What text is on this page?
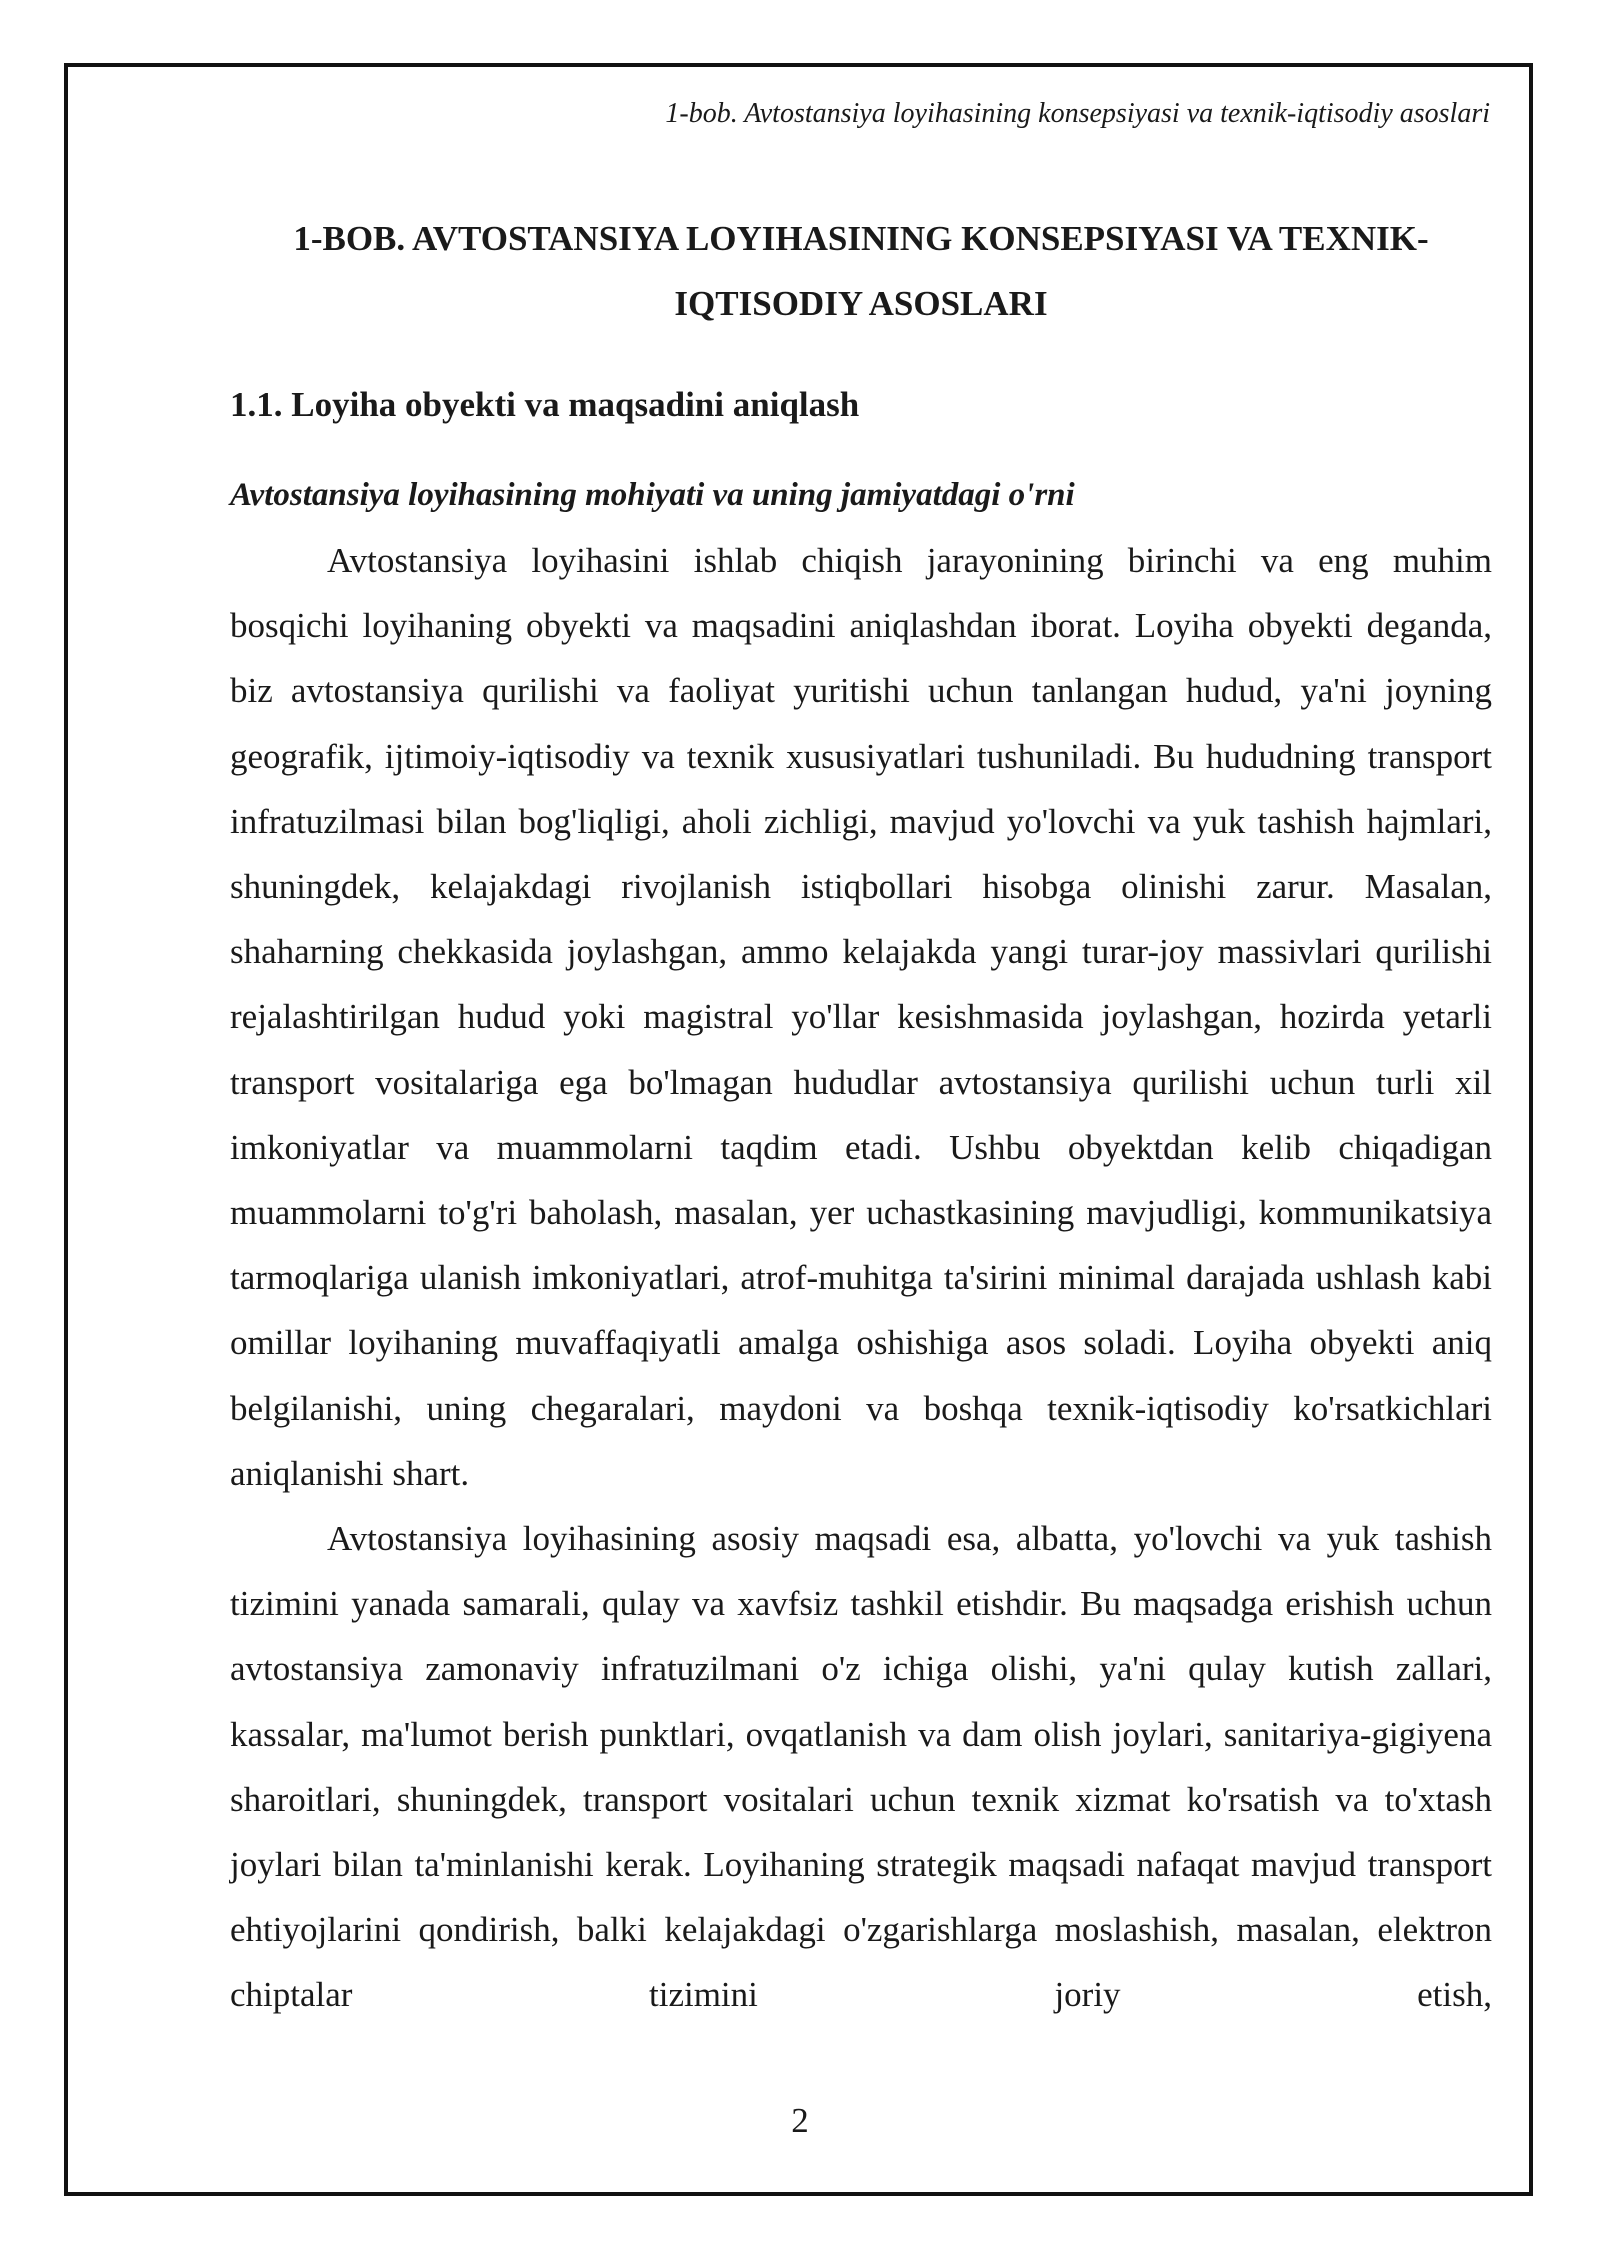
1-bob. Avtostansiya loyihasining konsepsiyasi va texnik-iqtisodiy asoslari
1-BOB. AVTOSTANSIYA LOYIHASINING KONSEPSIYASI VA TEXNIK-IQTISODIY ASOSLARI
1.1. Loyiha obyekti va maqsadini aniqlash
Avtostansiya loyihasining mohiyati va uning jamiyatdagi o'rni

Avtostansiya loyihasini ishlab chiqish jarayonining birinchi va eng muhim bosqichi loyihaning obyekti va maqsadini aniqlashdan iborat. Loyiha obyekti deganda, biz avtostansiya qurilishi va faoliyat yuritishi uchun tanlangan hudud, ya'ni joyning geografik, ijtimoiy-iqtisodiy va texnik xususiyatlari tushuniladi. Bu hududning transport infratuzilmasi bilan bog'liqligi, aholi zichligi, mavjud yo'lovchi va yuk tashish hajmlari, shuningdek, kelajakdagi rivojlanish istiqbollari hisobga olinishi zarur. Masalan, shaharning chekkasida joylashgan, ammo kelajakda yangi turar-joy massivlari qurilishi rejalashtirilgan hudud yoki magistral yo'llar kesishmasida joylashgan, hozirda yetarli transport vositalariga ega bo'lmagan hududlar avtostansiya qurilishi uchun turli xil imkoniyatlar va muammolarni taqdim etadi. Ushbu obyektdan kelib chiqadigan muammolarni to'g'ri baholash, masalan, yer uchastkasining mavjudligi, kommunikatsiya tarmoqlariga ulanish imkoniyatlari, atrof-muhitga ta'sirini minimal darajada ushlash kabi omillar loyihaning muvaffaqiyatli amalga oshishiga asos soladi. Loyiha obyekti aniq belgilanishi, uning chegaralari, maydoni va boshqa texnik-iqtisodiy ko'rsatkichlari aniqlanishi shart.

Avtostansiya loyihasining asosiy maqsadi esa, albatta, yo'lovchi va yuk tashish tizimini yanada samarali, qulay va xavfsiz tashkil etishdir. Bu maqsadga erishish uchun avtostansiya zamonaviy infratuzilmani o'z ichiga olishi, ya'ni qulay kutish zallari, kassalar, ma'lumot berish punktlari, ovqatlanish va dam olish joylari, sanitariya-gigiyena sharoitlari, shuningdek, transport vositalari uchun texnik xizmat ko'rsatish va to'xtash joylari bilan ta'minlanishi kerak. Loyihaning strategik maqsadi nafaqat mavjud transport ehtiyojlarini qondirish, balki kelajakdagi o'zgarishlarga moslashish, masalan, elektron chiptalar tizimini joriy etish,

2
